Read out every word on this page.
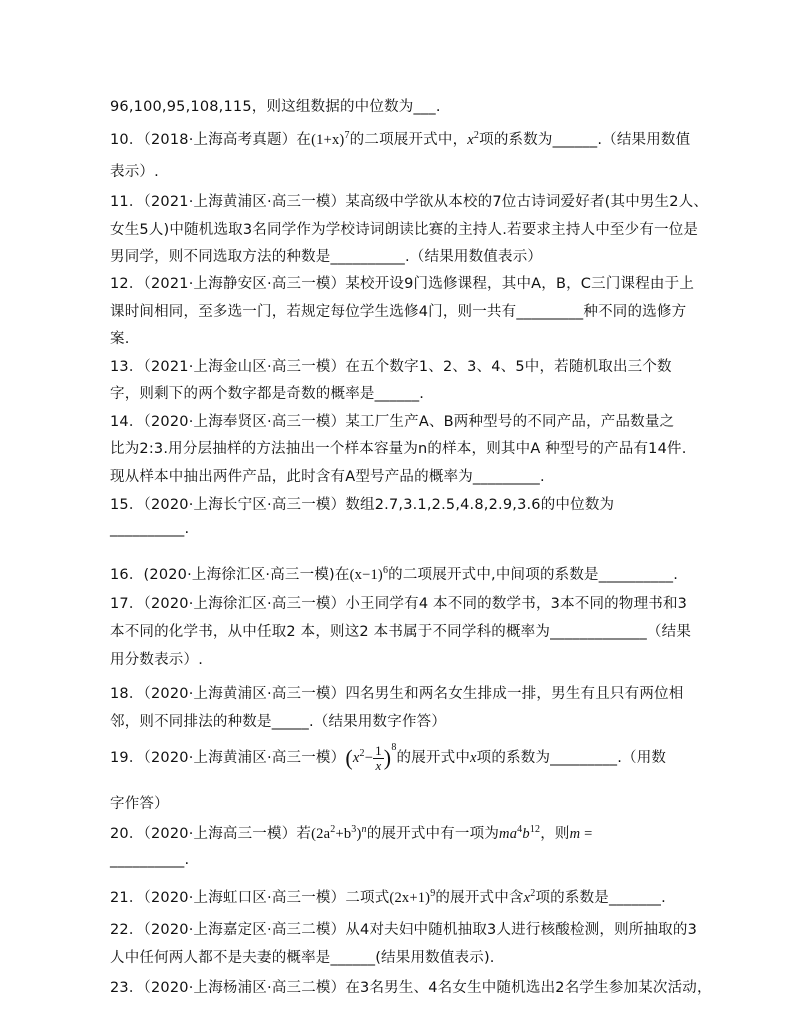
96,100,95,108,115，则这组数据的中位数为___.
10．（2018·上海高考真题）在$(1+x)^7$的二项展开式中，$x^2$项的系数为______.（结果用数值
表示）.
11．（2021·上海黄浦区·高三一模）某高级中学欲从本校的7位古诗词爱好者(其中男生2人、
女生5人)中随机选取3名同学作为学校诗词朗读比赛的主持人.若要求主持人中至少有一位是
男同学，则不同选取方法的种数是__________.（结果用数值表示）
12．（2021·上海静安区·高三一模）某校开设9门选修课程，其中A，B，C三门课程由于上
课时间相同，至多选一门，若规定每位学生选修4门，则一共有_________种不同的选修方
案.
13．（2021·上海金山区·高三一模）在五个数字1、2、3、4、5中，若随机取出三个数
字，则剩下的两个数字都是奇数的概率是______.
14．（2020·上海奉贤区·高三一模）某工厂生产A、B两种型号的不同产品，产品数量之
比为2:3.用分层抽样的方法抽出一个样本容量为n的样本，则其中A 种型号的产品有14件.
现从样本中抽出两件产品，此时含有A型号产品的概率为_________.
15．（2020·上海长宁区·高三一模）数组2.7,3.1,2.5,4.8,2.9,3.6的中位数为
__________.
16．(2020·上海徐汇区·高三一模)在$(x-1)^6$的二项展开式中,中间项的系数是__________.
17．（2020·上海徐汇区·高三一模）小王同学有4 本不同的数学书，3本不同的物理书和3
本不同的化学书，从中任取2 本，则这2 本书属于不同学科的概率为_____________（结果
用分数表示）.
18．（2020·上海黄浦区·高三一模）四名男生和两名女生排成一排，男生有且只有两位相
邻，则不同排法的种数是_____.（结果用数字作答）
19．（2020·上海黄浦区·高三一模）$(x^2- \frac{1}{x} )^8$的展开式中x项的系数为_________.（用数
字作答）
20．（2020·上海高三一模）若$(2a^2+b^3)^n$的展开式中有一项为$ma^4b^{12}$，则m =
__________.
21．（2020·上海虹口区·高三一模）二项式$(2x+1)^9$的展开式中含$x^2$项的系数是_______.
22．（2020·上海嘉定区·高三二模）从4对夫妇中随机抽取3人进行核酸检测，则所抽取的3
人中任何两人都不是夫妻的概率是______(结果用数值表示).
23．（2020·上海杨浦区·高三二模）在3名男生、4名女生中随机选出2名学生参加某次活动，
